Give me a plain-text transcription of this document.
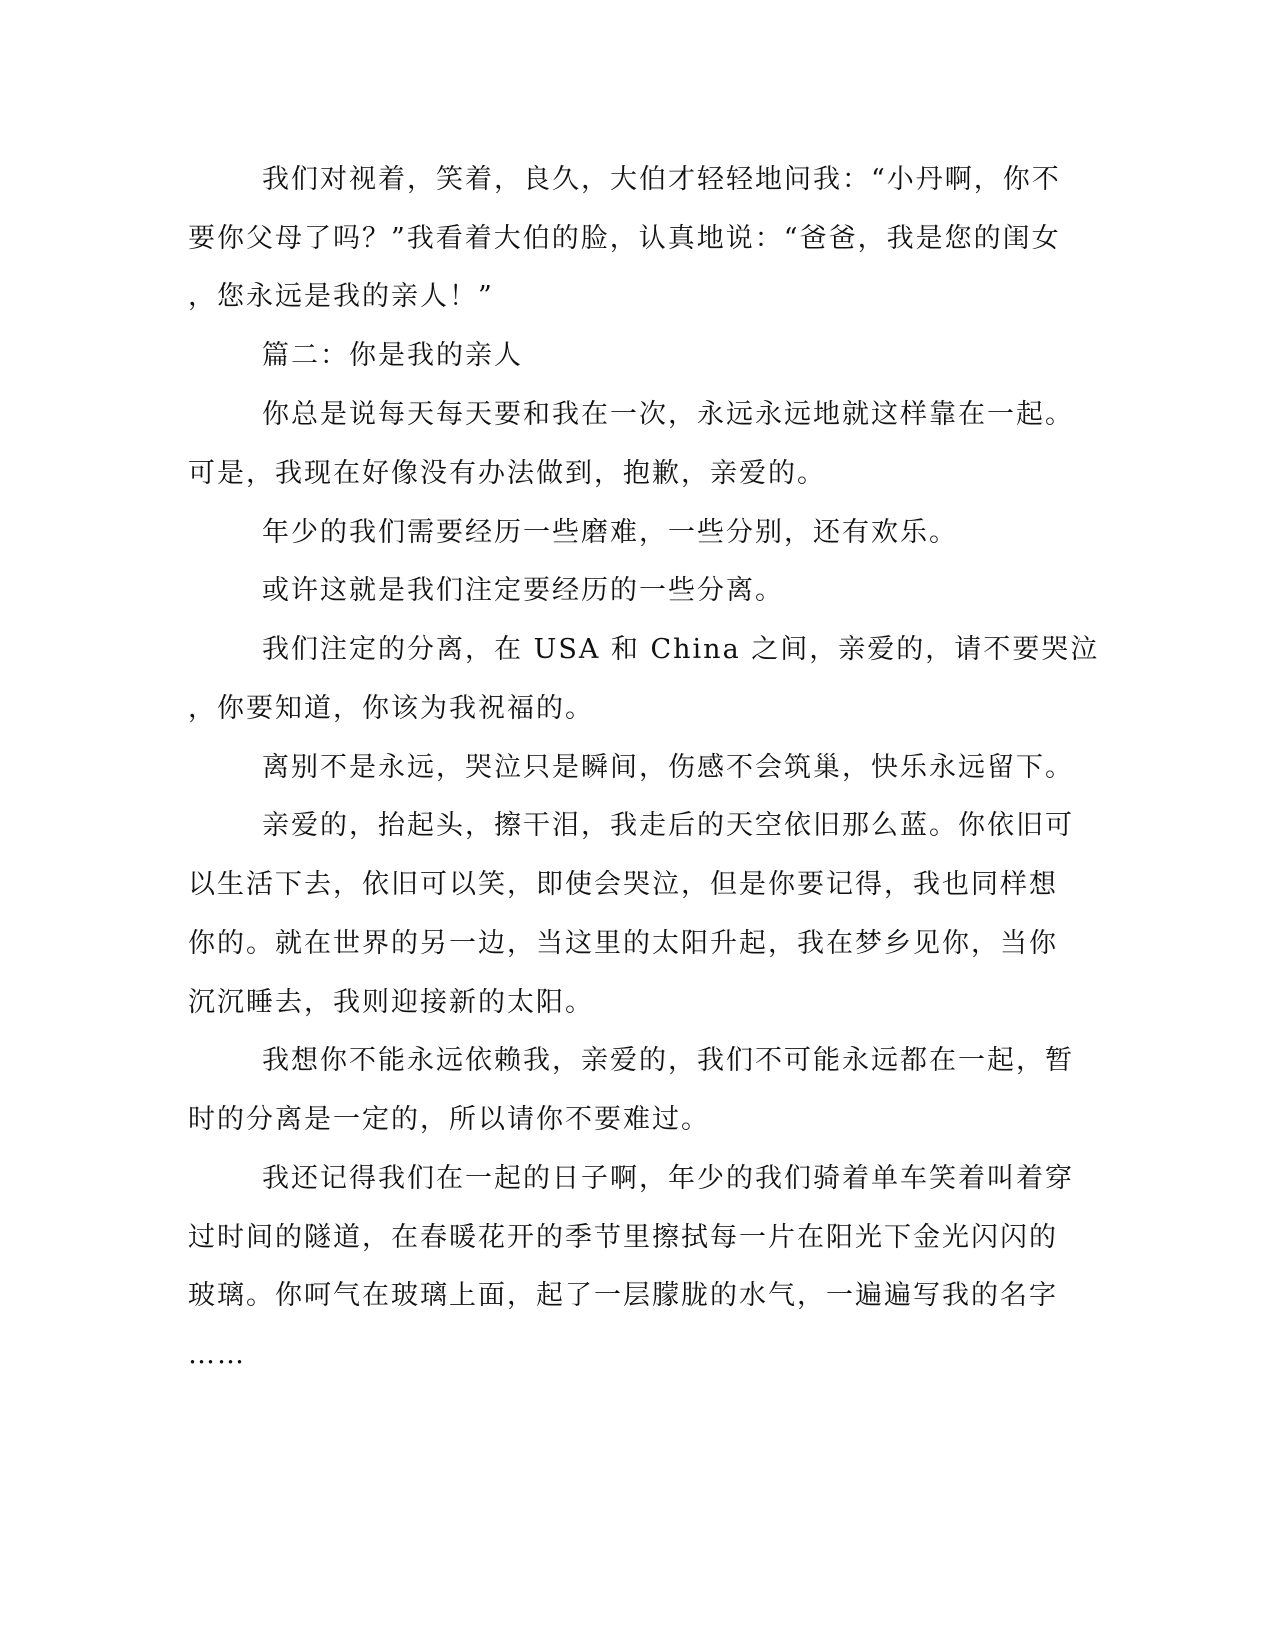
我们对视着，笑着，良久，大伯才轻轻地问我：“小丹啊，你不
要你父母了吗？”我看着大伯的脸，认真地说：“爸爸，我是您的闺女
，您永远是我的亲人！”
篇二：你是我的亲人
你总是说每天每天要和我在一次，永远永远地就这样靠在一起。
可是，我现在好像没有办法做到，抱歉，亲爱的。
年少的我们需要经历一些磨难，一些分别，还有欢乐。
或许这就是我们注定要经历的一些分离。
我们注定的分离，在 USA 和 China 之间，亲爱的，请不要哭泣
，你要知道，你该为我祝福的。
离别不是永远，哭泣只是瞬间，伤感不会筑巢，快乐永远留下。
亲爱的，抬起头，擦干泪，我走后的天空依旧那么蓝。你依旧可
以生活下去，依旧可以笑，即使会哭泣，但是你要记得，我也同样想
你的。就在世界的另一边，当这里的太阳升起，我在梦乡见你，当你
沉沉睡去，我则迎接新的太阳。
我想你不能永远依赖我，亲爱的，我们不可能永远都在一起，暂
时的分离是一定的，所以请你不要难过。
我还记得我们在一起的日子啊，年少的我们骑着单车笑着叫着穿
过时间的隧道，在春暖花开的季节里擦拭每一片在阳光下金光闪闪的
玻璃。你呵气在玻璃上面，起了一层朦胧的水气，一遍遍写我的名字
……
